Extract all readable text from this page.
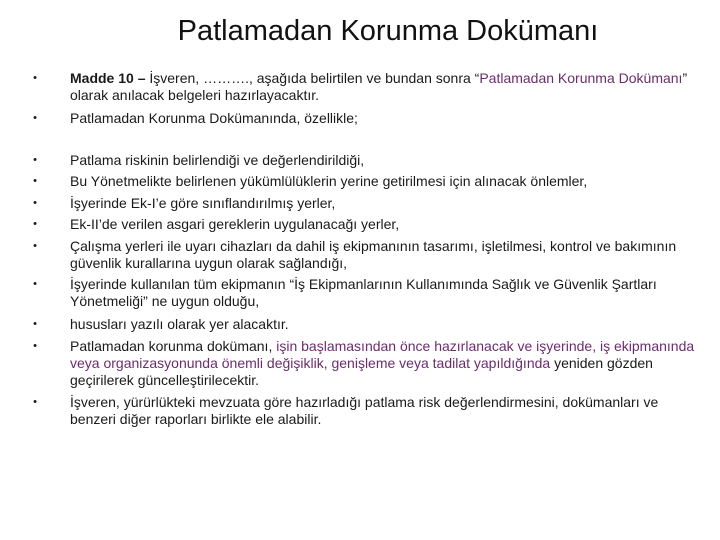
Patlamadan Korunma Dokümanı
•	Madde 10 – İşveren, ………., aşağıda belirtilen ve bundan sonra “Patlamadan Korunma Dokümanı” olarak anılacak belgeleri hazırlayacaktır.
•	Patlamadan Korunma Dokümanında, özellikle;
•	Patlama riskinin belirlendiği ve değerlendirildiği,
•	Bu Yönetmelikte belirlenen yükümlülüklerin yerine getirilmesi için alınacak önlemler,
•	İşyerinde Ek-I’e göre sınıflandırılmış yerler,
•	Ek-II’de verilen asgari gereklerin uygulanacağı yerler,
•	Çalışma yerleri ile uyarı cihazları da dahil iş ekipmanının tasarımı, işletilmesi, kontrol ve bakımının güvenlik kurallarına uygun olarak sağlandığı,
•	İşyerinde kullanılan tüm ekipmanın “İş Ekipmanlarının Kullanımında Sağlık ve Güvenlik Şartları Yönetmeliği” ne uygun olduğu,
•	hususları yazılı olarak yer alacaktır.
•	Patlamadan korunma dokümanı, işin başlamasından önce hazırlanacak ve işyerinde, iş ekipmanında veya organizasyonunda önemli değişiklik, genişleme veya tadilat yapıldığında yeniden gözden geçirilerek güncelleştirilecektir.
•	İşveren, yürürlükteki mevzuata göre hazırladığı patlama risk değerlendirmesini, dokümanları ve benzeri diğer raporları birlikte ele alabilir.
